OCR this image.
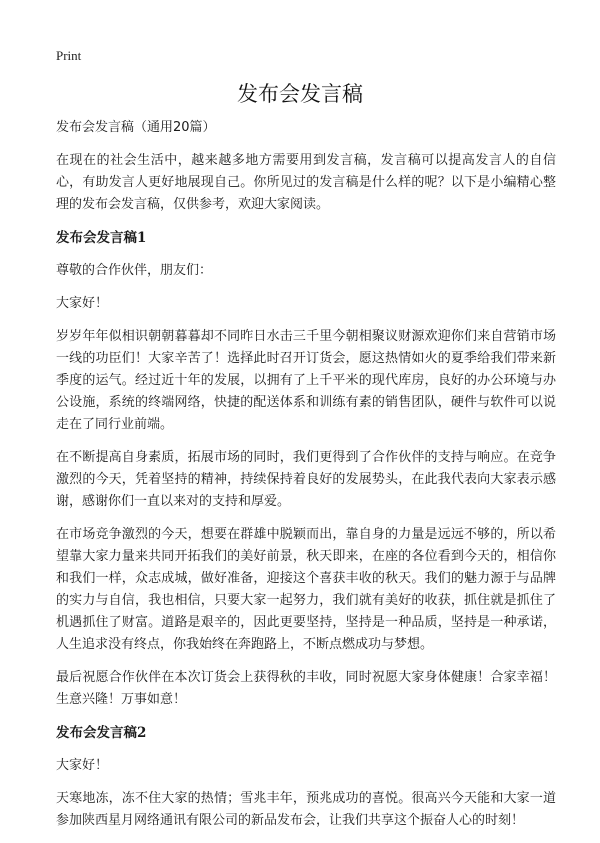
Print
发布会发言稿

发布会发言稿（通用20篇）

在现在的社会生活中，越来越多地方需要用到发言稿，发言稿可以提高发言人的自信心，有助发言人更好地展现自己。你所见过的发言稿是什么样的呢？以下是小编精心整理的发布会发言稿，仅供参考，欢迎大家阅读。

发布会发言稿1

尊敬的合作伙伴，朋友们：

大家好！

岁岁年年似相识朝朝暮暮却不同昨日水击三千里今朝相聚议财源欢迎你们来自营销市场一线的功臣们！大家辛苦了！选择此时召开订货会，愿这热情如火的夏季给我们带来新季度的运气。经过近十年的发展，以拥有了上千平米的现代库房，良好的办公环境与办公设施，系统的终端网络，快捷的配送体系和训练有素的销售团队，硬件与软件可以说走在了同行业前端。

在不断提高自身素质，拓展市场的同时，我们更得到了合作伙伴的支持与响应。在竞争激烈的今天，凭着坚持的精神，持续保持着良好的发展势头，在此我代表向大家表示感谢，感谢你们一直以来对的支持和厚爱。

在市场竞争激烈的今天，想要在群雄中脱颖而出，靠自身的力量是远远不够的，所以希望靠大家力量来共同开拓我们的美好前景，秋天即来，在座的各位看到今天的，相信你和我们一样，众志成城，做好准备，迎接这个喜获丰收的秋天。我们的魅力源于与品牌的实力与自信，我也相信，只要大家一起努力，我们就有美好的收获，抓住就是抓住了机遇抓住了财富。道路是艰辛的，因此更要坚持，坚持是一种品质，坚持是一种承诺，人生追求没有终点，你我始终在奔跑路上，不断点燃成功与梦想。

最后祝愿合作伙伴在本次订货会上获得秋的丰收，同时祝愿大家身体健康！合家幸福！生意兴隆！万事如意！

发布会发言稿2

大家好！

天寒地冻，冻不住大家的热情；雪兆丰年，预兆成功的喜悦。很高兴今天能和大家一道参加陕西星月网络通讯有限公司的新品发布会，让我们共享这个振奋人心的时刻！
